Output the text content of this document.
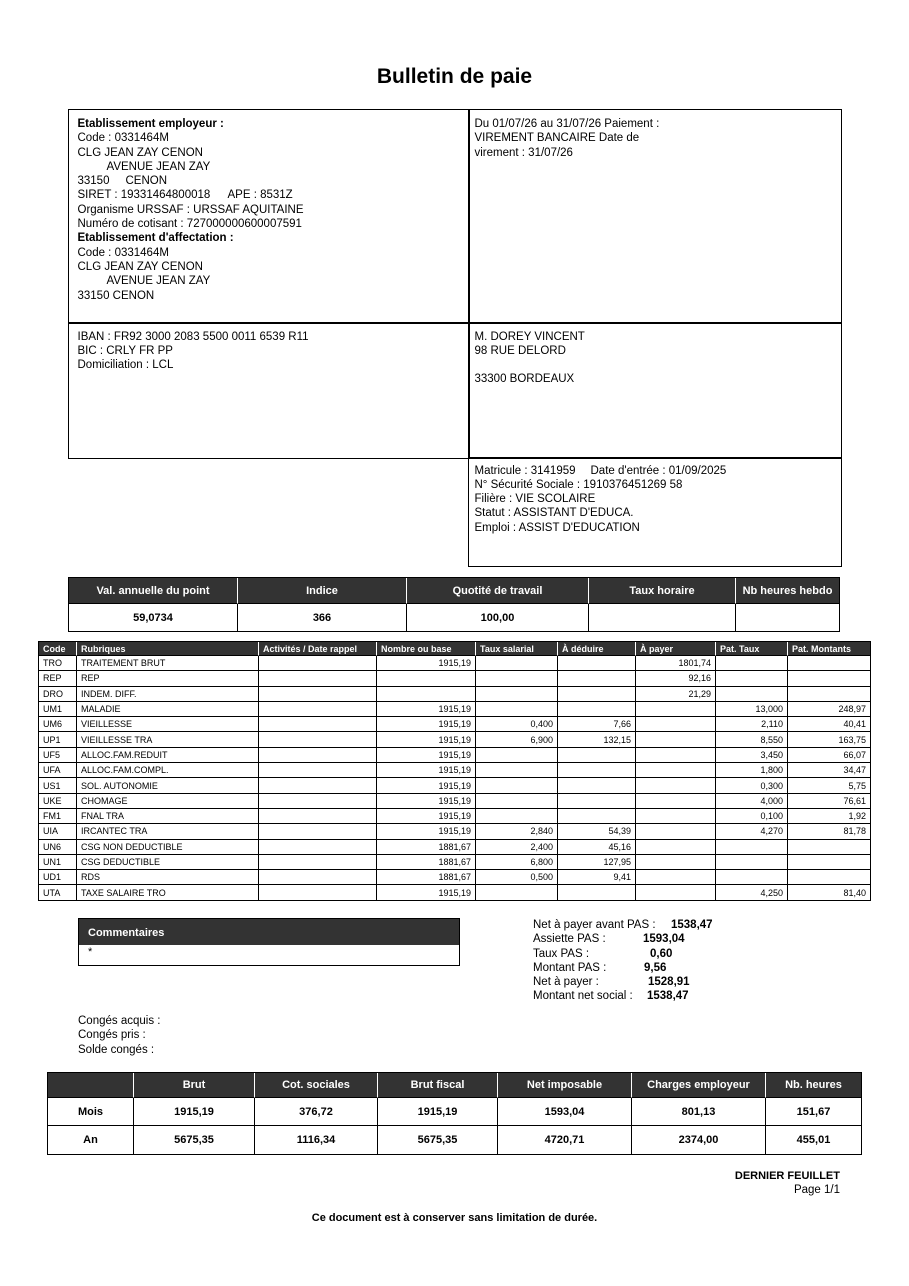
Bulletin de paie
Etablissement employeur :
Code : 0331464M
CLG JEAN ZAY CENON
AVENUE JEAN ZAY
33150 CENON
SIRET : 19331464800018 APE : 8531Z
Organisme URSSAF : URSSAF AQUITAINE
Numéro de cotisant : 727000000600007591
Etablissement d'affectation :
Code : 0331464M
CLG JEAN ZAY CENON
AVENUE JEAN ZAY
33150 CENON
Du 01/07/26 au 31/07/26 Paiement :
VIREMENT BANCAIRE Date de
virement : 31/07/26
IBAN : FR92 3000 2083 5500 0011 6539 R11
BIC : CRLY FR PP
Domiciliation : LCL
M. DOREY VINCENT
98 RUE DELORD
33300 BORDEAUX
Matricule : 3141959 Date d'entrée : 01/09/2025
N° Sécurité Sociale : 1910376451269 58
Filière : VIE SCOLAIRE
Statut : ASSISTANT D'EDUCA.
Emploi : ASSIST D'EDUCATION
Val. annuelle du point	Indice	Quotité de travail	Taux horaire	Nb heures hebdo
59,0734	366	100,00		
Code	Rubriques	Activités / Date rappel	Nombre ou base	Taux salarial	À déduire	À payer	Pat. Taux	Pat. Montants
TRO	TRAITEMENT BRUT		1915,19			1801,74		
REP	REP					92,16		
DRO	INDEM. DIFF.					21,29		
UM1	MALADIE		1915,19				13,000	248,97
UM6	VIEILLESSE		1915,19	0,400	7,66		2,110	40,41
UP1	VIEILLESSE TRA		1915,19	6,900	132,15		8,550	163,75
UF5	ALLOC.FAM.REDUIT		1915,19				3,450	66,07
UFA	ALLOC.FAM.COMPL.		1915,19				1,800	34,47
US1	SOL. AUTONOMIE		1915,19				0,300	5,75
UKE	CHOMAGE		1915,19				4,000	76,61
FM1	FNAL TRA		1915,19				0,100	1,92
UIA	IRCANTEC TRA		1915,19	2,840	54,39		4,270	81,78
UN6	CSG NON DEDUCTIBLE		1881,67	2,400	45,16			
UN1	CSG DEDUCTIBLE		1881,67	6,800	127,95			
UD1	RDS		1881,67	0,500	9,41			
UTA	TAXE SALAIRE TRO		1915,19				4,250	81,40
Commentaires
*
Net à payer avant PAS : 1538,47
Assiette PAS :	1593,04
Taux PAS :	0,60
Montant PAS :	9,56
Net à payer :	1528,91
Montant net social : 1538,47
Congés acquis :
Congés pris :
Solde congés :
	Brut	Cot. sociales	Brut fiscal	Net imposable	Charges employeur	Nb. heures
Mois	1915,19	376,72	1915,19	1593,04	801,13	151,67
An	5675,35	1116,34	5675,35	4720,71	2374,00	455,01
DERNIER FEUILLET
Page 1/1
Ce document est à conserver sans limitation de durée.
